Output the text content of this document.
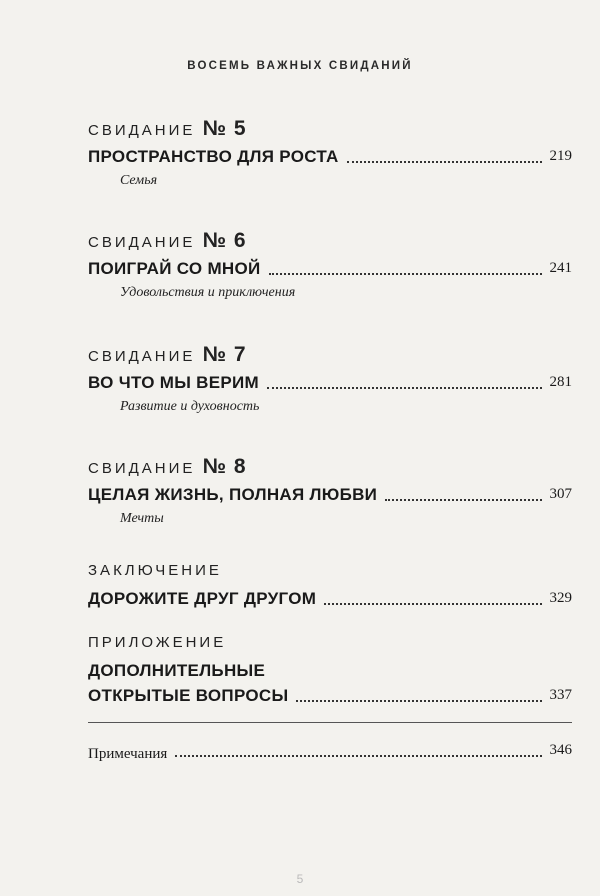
ВОСЕМЬ ВАЖНЫХ СВИДАНИЙ
СВИДАНИЕ № 5
ПРОСТРАНСТВО ДЛЯ РОСТА	219
Семья
СВИДАНИЕ № 6
ПОИГРАЙ СО МНОЙ	241
Удовольствия и приключения
СВИДАНИЕ № 7
ВО ЧТО МЫ ВЕРИМ	281
Развитие и духовность
СВИДАНИЕ № 8
ЦЕЛАЯ ЖИЗНЬ, ПОЛНАЯ ЛЮБВИ	307
Мечты
ЗАКЛЮЧЕНИЕ
ДОРОЖИТЕ ДРУГ ДРУГОМ	329
ПРИЛОЖЕНИЕ
ДОПОЛНИТЕЛЬНЫЕ
ОТКРЫТЫЕ ВОПРОСЫ	337
Примечания	346
5
